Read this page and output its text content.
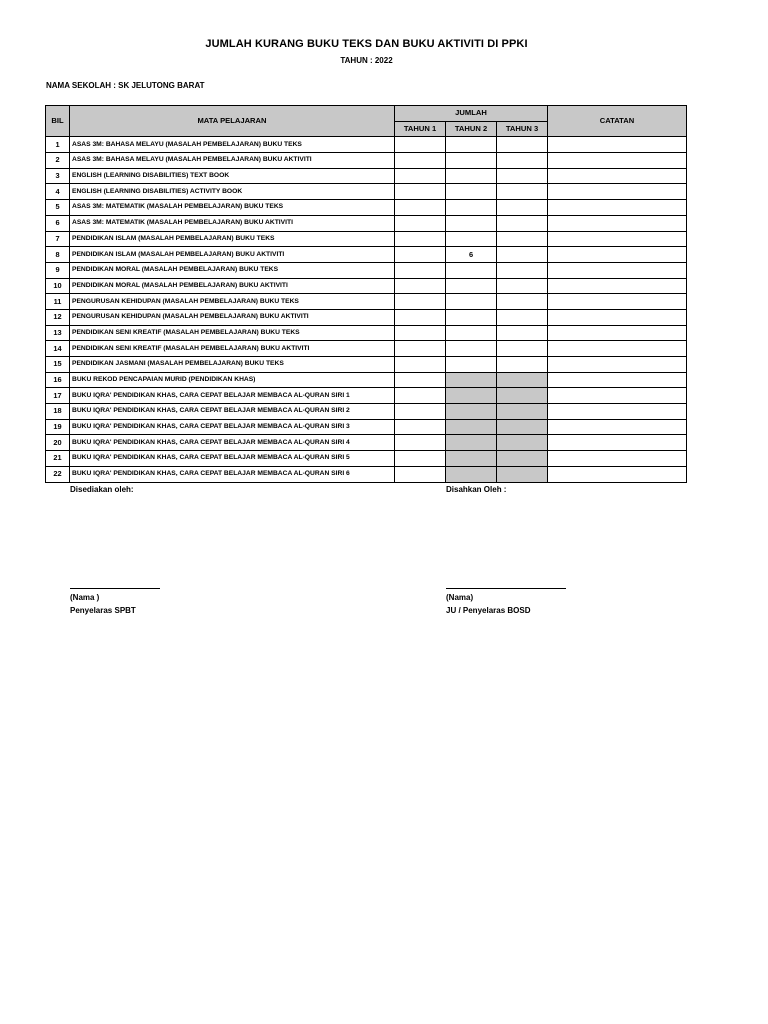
JUMLAH KURANG BUKU TEKS DAN BUKU AKTIVITI DI PPKI
TAHUN : 2022
NAMA SEKOLAH : SK JELUTONG BARAT
BIL	MATA PELAJARAN	JUMLAH			CATATAN
		TAHUN 1	TAHUN 2	TAHUN 3	
1	ASAS 3M: BAHASA MELAYU (MASALAH PEMBELAJARAN) BUKU TEKS				
2	ASAS 3M: BAHASA MELAYU (MASALAH PEMBELAJARAN) BUKU AKTIVITI				
3	ENGLISH (LEARNING DISABILITIES) TEXT BOOK				
4	ENGLISH (LEARNING DISABILITIES) ACTIVITY BOOK				
5	ASAS 3M: MATEMATIK (MASALAH PEMBELAJARAN) BUKU TEKS				
6	ASAS 3M: MATEMATIK (MASALAH PEMBELAJARAN) BUKU AKTIVITI				
7	PENDIDIKAN ISLAM (MASALAH PEMBELAJARAN) BUKU TEKS				
8	PENDIDIKAN ISLAM (MASALAH PEMBELAJARAN) BUKU AKTIVITI		6		
9	PENDIDIKAN MORAL (MASALAH PEMBELAJARAN) BUKU TEKS				
10	PENDIDIKAN MORAL (MASALAH PEMBELAJARAN) BUKU AKTIVITI				
11	PENGURUSAN KEHIDUPAN (MASALAH PEMBELAJARAN) BUKU TEKS				
12	PENGURUSAN KEHIDUPAN (MASALAH PEMBELAJARAN) BUKU AKTIVITI				
13	PENDIDIKAN SENI KREATIF (MASALAH PEMBELAJARAN) BUKU TEKS				
14	PENDIDIKAN SENI KREATIF (MASALAH PEMBELAJARAN) BUKU AKTIVITI				
15	PENDIDIKAN JASMANI (MASALAH PEMBELAJARAN) BUKU TEKS				
16	BUKU REKOD PENCAPAIAN MURID (PENDIDIKAN KHAS)				
17	BUKU IQRA' PENDIDIKAN KHAS, CARA CEPAT BELAJAR MEMBACA AL-QURAN SIRI 1				
18	BUKU IQRA' PENDIDIKAN KHAS, CARA CEPAT BELAJAR MEMBACA AL-QURAN SIRI 2				
19	BUKU IQRA' PENDIDIKAN KHAS, CARA CEPAT BELAJAR MEMBACA AL-QURAN SIRI 3				
20	BUKU IQRA' PENDIDIKAN KHAS, CARA CEPAT BELAJAR MEMBACA AL-QURAN SIRI 4				
21	BUKU IQRA' PENDIDIKAN KHAS, CARA CEPAT BELAJAR MEMBACA AL-QURAN SIRI 5				
22	BUKU IQRA' PENDIDIKAN KHAS, CARA CEPAT BELAJAR MEMBACA AL-QURAN SIRI 6				
Disediakan oleh:
(Nama )
Penyelaras SPBT
Disahkan Oleh :
(Nama)
JU / Penyelaras BOSD
